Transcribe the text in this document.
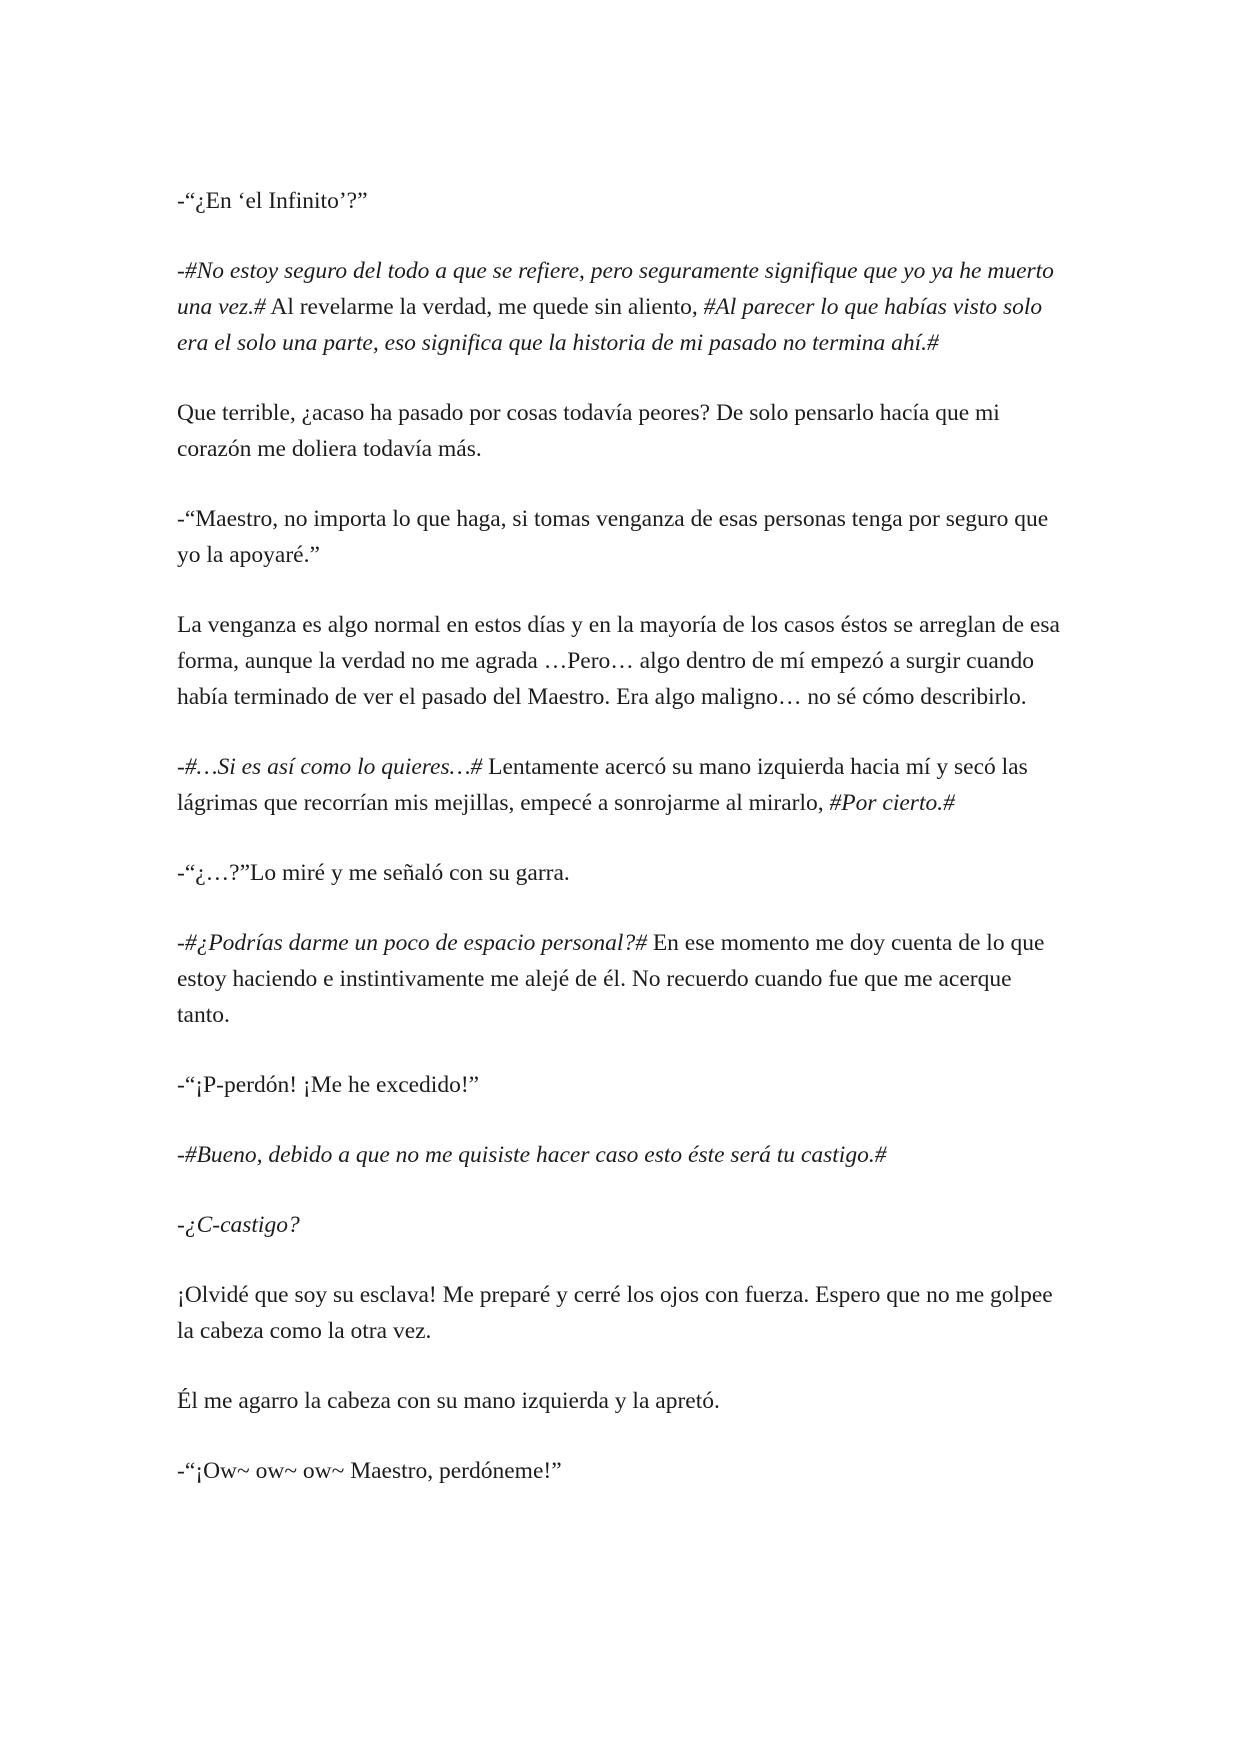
-“¿En ‘el Infinito’?”

-#No estoy seguro del todo a que se refiere, pero seguramente signifique que yo ya he muerto una vez.# Al revelarme la verdad, me quede sin aliento, #Al parecer lo que habías visto solo era el solo una parte, eso significa que la historia de mi pasado no termina ahí.#

Que terrible, ¿acaso ha pasado por cosas todavía peores? De solo pensarlo hacía que mi corazón me doliera todavía más.

-“Maestro, no importa lo que haga, si tomas venganza de esas personas tenga por seguro que yo la apoyaré.”

La venganza es algo normal en estos días y en la mayoría de los casos éstos se arreglan de esa forma, aunque la verdad no me agrada …Pero… algo dentro de mí empezó a surgir cuando había terminado de ver el pasado del Maestro. Era algo maligno… no sé cómo describirlo.

-#…Si es así como lo quieres…# Lentamente acercó su mano izquierda hacia mí y secó las lágrimas que recorrían mis mejillas, empecé a sonrojarme al mirarlo, #Por cierto.#

-“¿…?”Lo miré y me señaló con su garra.

-#¿Podrías darme un poco de espacio personal?# En ese momento me doy cuenta de lo que estoy haciendo e instintivamente me alejé de él. No recuerdo cuando fue que me acerque tanto.

-“¡P-perdón! ¡Me he excedido!”

-#Bueno, debido a que no me quisiste hacer caso esto éste será tu castigo.#

-¿C-castigo?

¡Olvidé que soy su esclava! Me preparé y cerré los ojos con fuerza. Espero que no me golpee la cabeza como la otra vez.

Él me agarro la cabeza con su mano izquierda y la apretó.

-“¡Ow~ ow~ ow~ Maestro, perdóneme!”
